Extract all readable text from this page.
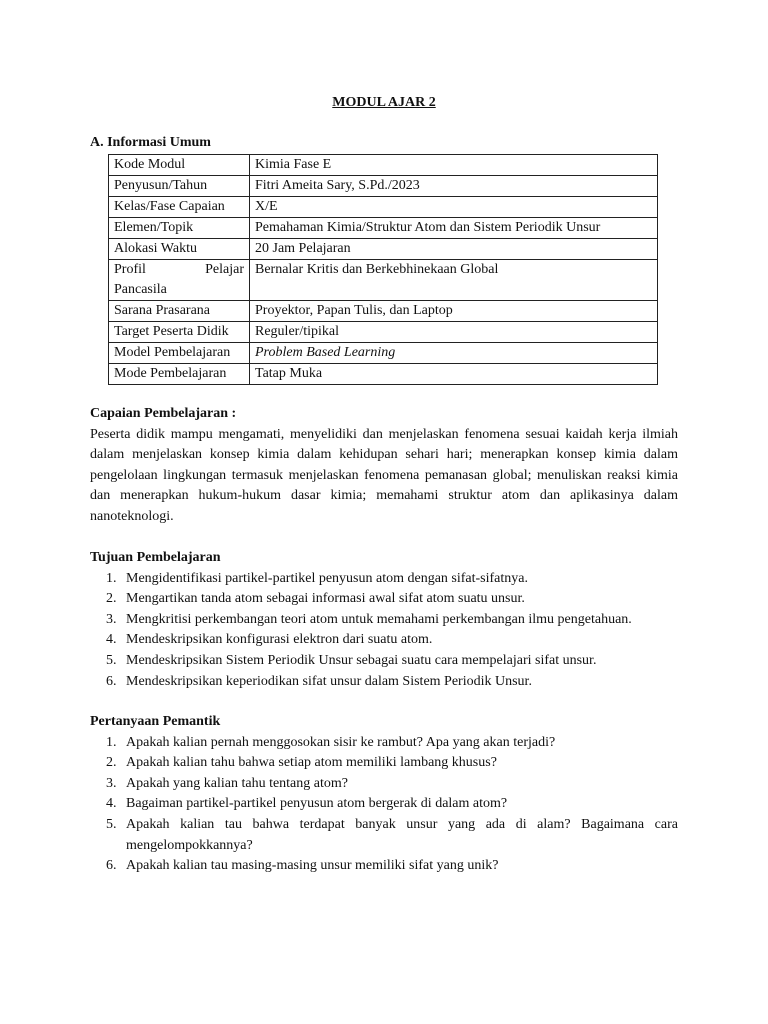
MODUL AJAR 2
A. Informasi Umum
Kode Modul	Kimia Fase E
Penyusun/Tahun	Fitri Ameita Sary, S.Pd./2023
Kelas/Fase Capaian	X/E
Elemen/Topik	Pemahaman Kimia/Struktur Atom dan Sistem Periodik Unsur
Alokasi Waktu	20 Jam Pelajaran

Profil Pelajar
Pancasila	Bernalar Kritis dan Berkebhinekaan Global
Sarana Prasarana	Proyektor, Papan Tulis, dan Laptop
Target Peserta Didik	Reguler/tipikal
Model Pembelajaran	Problem Based Learning
Mode Pembelajaran	Tatap Muka
Capaian Pembelajaran :
Peserta didik mampu mengamati, menyelidiki dan menjelaskan fenomena sesuai kaidah kerja ilmiah dalam menjelaskan konsep kimia dalam kehidupan sehari hari; menerapkan konsep kimia dalam pengelolaan lingkungan termasuk menjelaskan fenomena pemanasan global; menuliskan reaksi kimia dan menerapkan hukum-hukum dasar kimia; memahami struktur atom dan aplikasinya dalam nanoteknologi.
Tujuan Pembelajaran
1. Mengidentifikasi partikel-partikel penyusun atom dengan sifat-sifatnya.
2. Mengartikan tanda atom sebagai informasi awal sifat atom suatu unsur.
3. Mengkritisi perkembangan teori atom untuk memahami perkembangan ilmu pengetahuan.
4. Mendeskripsikan konfigurasi elektron dari suatu atom.
5. Mendeskripsikan Sistem Periodik Unsur sebagai suatu cara mempelajari sifat unsur.
6. Mendeskripsikan keperiodikan sifat unsur dalam Sistem Periodik Unsur.
Pertanyaan Pemantik
1. Apakah kalian pernah menggosokan sisir ke rambut? Apa yang akan terjadi?
2. Apakah kalian tahu bahwa setiap atom memiliki lambang khusus?
3. Apakah yang kalian tahu tentang atom?
4. Bagaiman partikel-partikel penyusun atom bergerak di dalam atom?
5. Apakah kalian tau bahwa terdapat banyak unsur yang ada di alam? Bagaimana cara mengelompokkannya?
6. Apakah kalian tau masing-masing unsur memiliki sifat yang unik?
